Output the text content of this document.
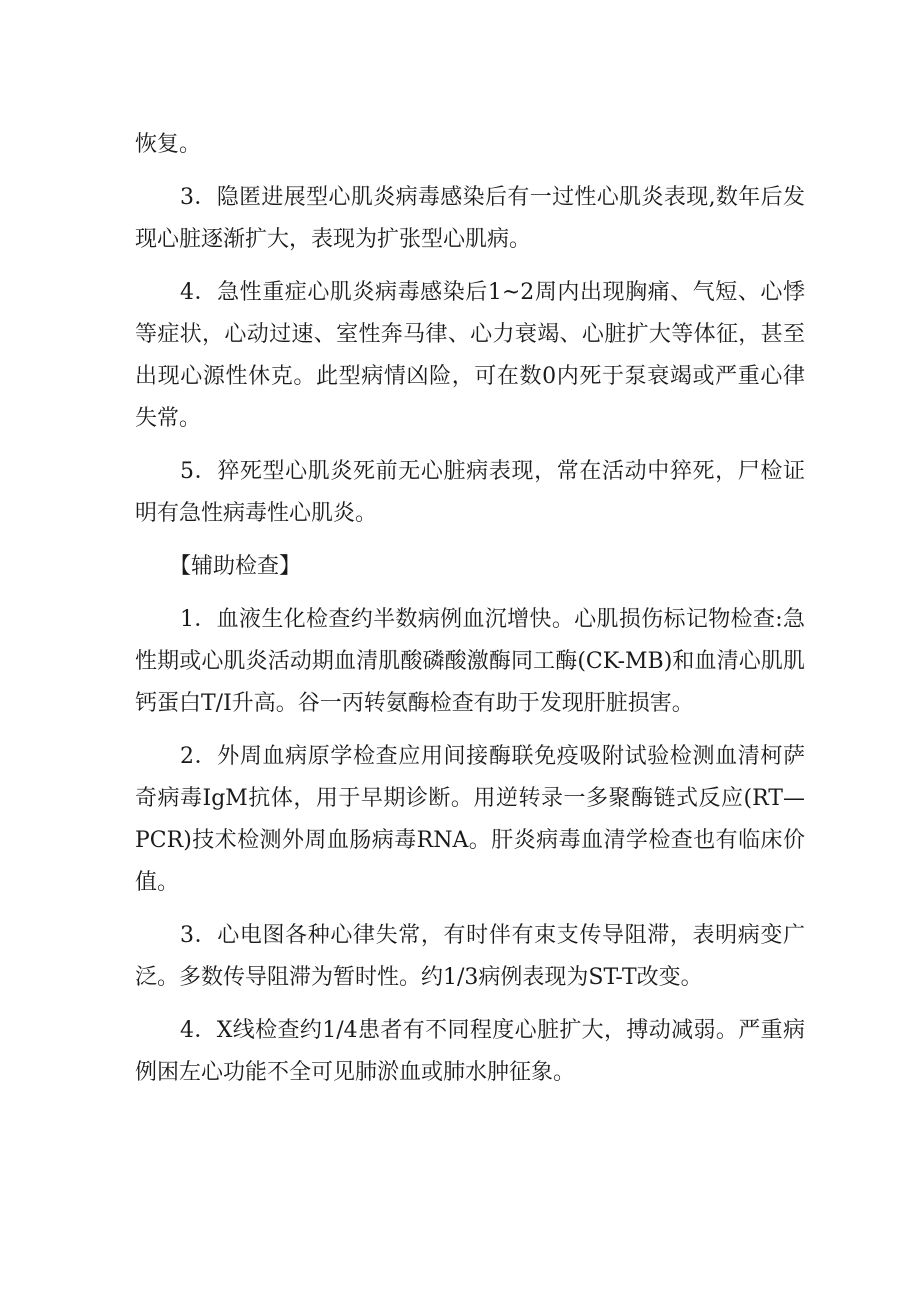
恢复。

3．隐匿进展型心肌炎病毒感染后有一过性心肌炎表现,数年后发现心脏逐渐扩大，表现为扩张型心肌病。

4．急性重症心肌炎病毒感染后1~2周内出现胸痛、气短、心悸等症状，心动过速、室性奔马律、心力衰竭、心脏扩大等体征，甚至出现心源性休克。此型病情凶险，可在数0内死于泵衰竭或严重心律失常。

5．猝死型心肌炎死前无心脏病表现，常在活动中猝死，尸检证明有急性病毒性心肌炎。

【辅助检查】

1．血液生化检查约半数病例血沉增快。心肌损伤标记物检查:急性期或心肌炎活动期血清肌酸磷酸激酶同工酶(CK-MB)和血清心肌肌钙蛋白T/I升高。谷一丙转氨酶检查有助于发现肝脏损害。

2．外周血病原学检查应用间接酶联免疫吸附试验检测血清柯萨奇病毒IgM抗体，用于早期诊断。用逆转录一多聚酶链式反应(RT—PCR)技术检测外周血肠病毒RNA。肝炎病毒血清学检查也有临床价值。

3．心电图各种心律失常，有时伴有束支传导阻滞，表明病变广泛。多数传导阻滞为暂时性。约1/3病例表现为ST-T改变。

4．X线检查约1/4患者有不同程度心脏扩大，搏动减弱。严重病例困左心功能不全可见肺淤血或肺水肿征象。
